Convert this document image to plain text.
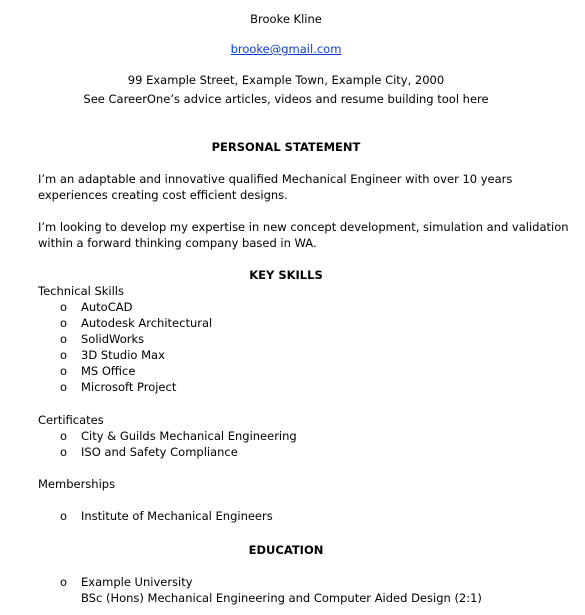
Brooke Kline
brooke@gmail.com
99 Example Street, Example Town, Example City, 2000
See CareerOne’s advice articles, videos and resume building tool here
PERSONAL STATEMENT
I’m an adaptable and innovative qualified Mechanical Engineer with over 10 years
experiences creating cost efficient designs.
I’m looking to develop my expertise in new concept development, simulation and validation
within a forward thinking company based in WA.
KEY SKILLS
Technical Skills
o AutoCAD
o Autodesk Architectural
o SolidWorks
o 3D Studio Max
o MS Office
o Microsoft Project
Certificates
o City & Guilds Mechanical Engineering
o ISO and Safety Compliance
Memberships
o Institute of Mechanical Engineers
EDUCATION
o Example University
BSc (Hons) Mechanical Engineering and Computer Aided Design (2:1)
